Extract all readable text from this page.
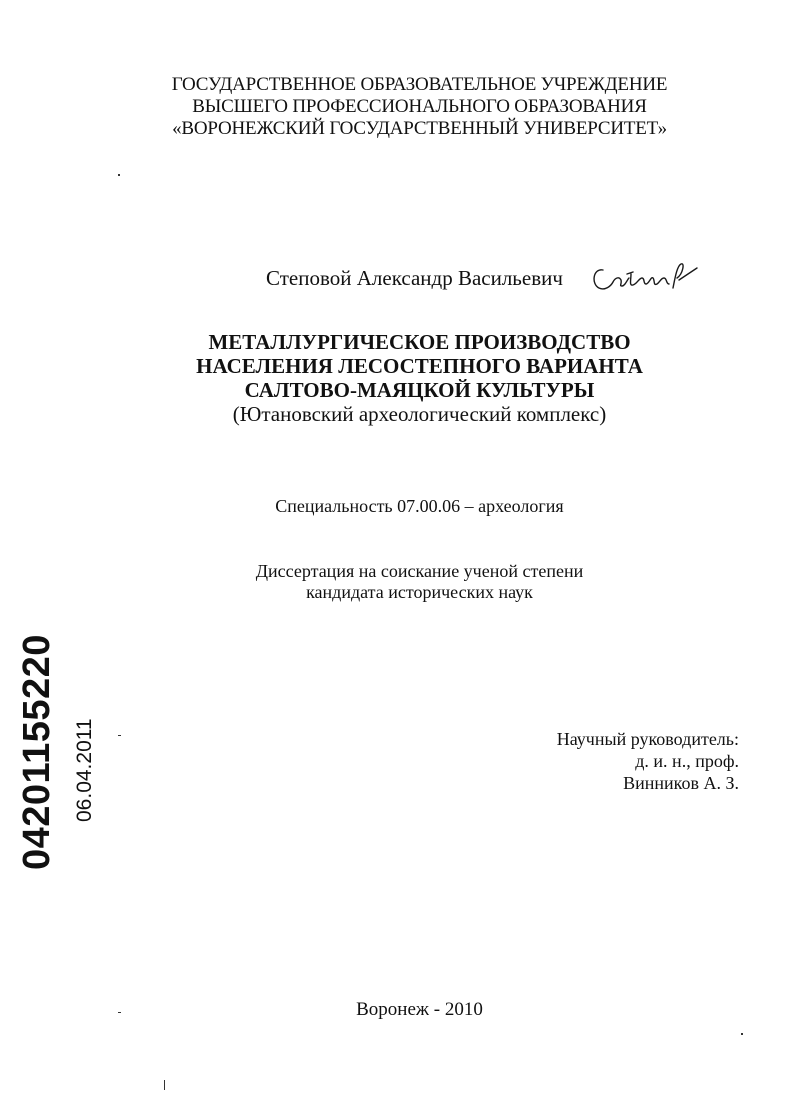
ГОСУДАРСТВЕННОЕ ОБРАЗОВАТЕЛЬНОЕ УЧРЕЖДЕНИЕ
ВЫСШЕГО ПРОФЕССИОНАЛЬНОГО ОБРАЗОВАНИЯ
«ВОРОНЕЖСКИЙ ГОСУДАРСТВЕННЫЙ УНИВЕРСИТЕТ»
Степовой Александр Васильевич
МЕТАЛЛУРГИЧЕСКОЕ ПРОИЗВОДСТВО
НАСЕЛЕНИЯ ЛЕСОСТЕПНОГО ВАРИАНТА
САЛТОВО-МАЯЦКОЙ КУЛЬТУРЫ
(Ютановский археологический комплекс)
Специальность 07.00.06 – археология
Диссертация на соискание ученой степени
кандидата исторических наук
Научный руководитель:
д. и. н., проф.
Винников А. З.
Воронеж - 2010
04201155220 06.04.2011
